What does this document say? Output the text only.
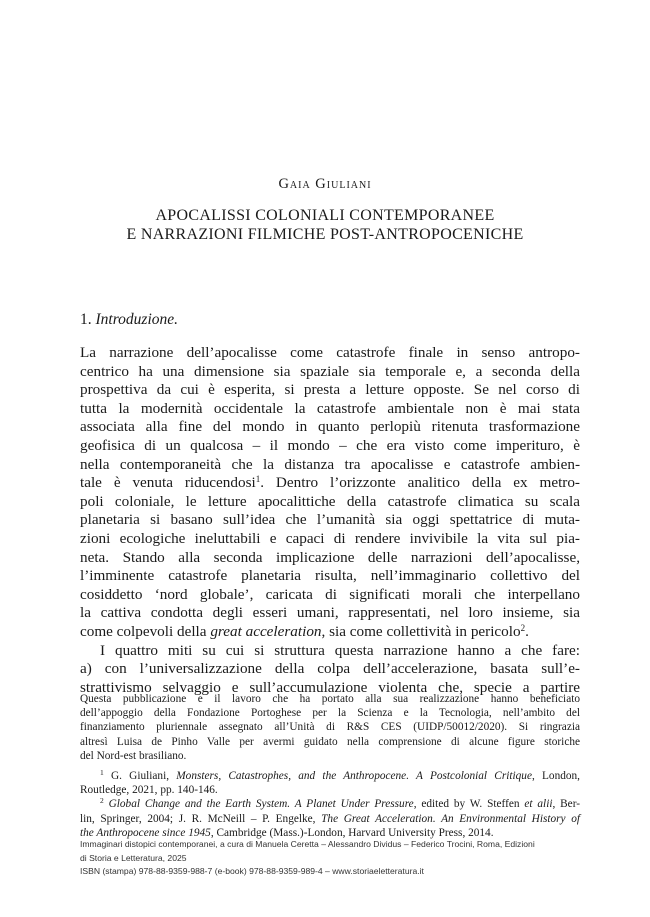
Gaia Giuliani
APOCALISSI COLONIALI CONTEMPORANEE
E NARRAZIONI FILMICHE POST-ANTROPOCENICHE
1. Introduzione.
La narrazione dell’apocalisse come catastrofe finale in senso antropo-
centrico ha una dimensione sia spaziale sia temporale e, a seconda della
prospettiva da cui è esperita, si presta a letture opposte. Se nel corso di
tutta la modernità occidentale la catastrofe ambientale non è mai stata
associata alla fine del mondo in quanto perlopiù ritenuta trasformazione
geofisica di un qualcosa – il mondo – che era visto come imperituro, è
nella contemporaneità che la distanza tra apocalisse e catastrofe ambien-
tale è venuta riducendosi$^1$. Dentro l’orizzonte analitico della ex metro-
poli coloniale, le letture apocalittiche della catastrofe climatica su scala
planetaria si basano sull’idea che l’umanità sia oggi spettatrice di muta-
zioni ecologiche ineluttabili e capaci di rendere invivibile la vita sul pia-
neta. Stando alla seconda implicazione delle narrazioni dell’apocalisse,
l’imminente catastrofe planetaria risulta, nell’immaginario collettivo del
cosiddetto ‘nord globale’, caricata di significati morali che interpellano
la cattiva condotta degli esseri umani, rappresentati, nel loro insieme, sia
come colpevoli della great acceleration, sia come collettività in pericolo$^2$.
I quattro miti su cui si struttura questa narrazione hanno a che fare:
a) con l’universalizzazione della colpa dell’accelerazione, basata sull’e-
strattivismo selvaggio e sull’accumulazione violenta che, specie a partire
Questa pubblicazione e il lavoro che ha portato alla sua realizzazione hanno beneficiato
dell’appoggio della Fondazione Portoghese per la Scienza e la Tecnologia, nell’ambito del
finanziamento pluriennale assegnato all’Unità di R&S CES (UIDP/50012/2020). Si ringrazia
altresì Luisa de Pinho Valle per avermi guidato nella comprensione di alcune figure storiche
del Nord-est brasiliano.
$^1$ G. Giuliani, Monsters, Catastrophes, and the Anthropocene. A Postcolonial Critique, London,
Routledge, 2021, pp. 140-146.
$^2$ Global Change and the Earth System. A Planet Under Pressure, edited by W. Steffen et alii, Ber-
lin, Springer, 2004; J. R. McNeill – P. Engelke, The Great Acceleration. An Environmental History of
the Anthropocene since 1945, Cambridge (Mass.)-London, Harvard University Press, 2014.
Immaginari distopici contemporanei, a cura di Manuela Ceretta – Alessandro Dividus – Federico Trocini, Roma, Edizioni
di Storia e Letteratura, 2025
ISBN (stampa) 978-88-9359-988-7 (e-book) 978-88-9359-989-4 – www.storiaeletteratura.it
